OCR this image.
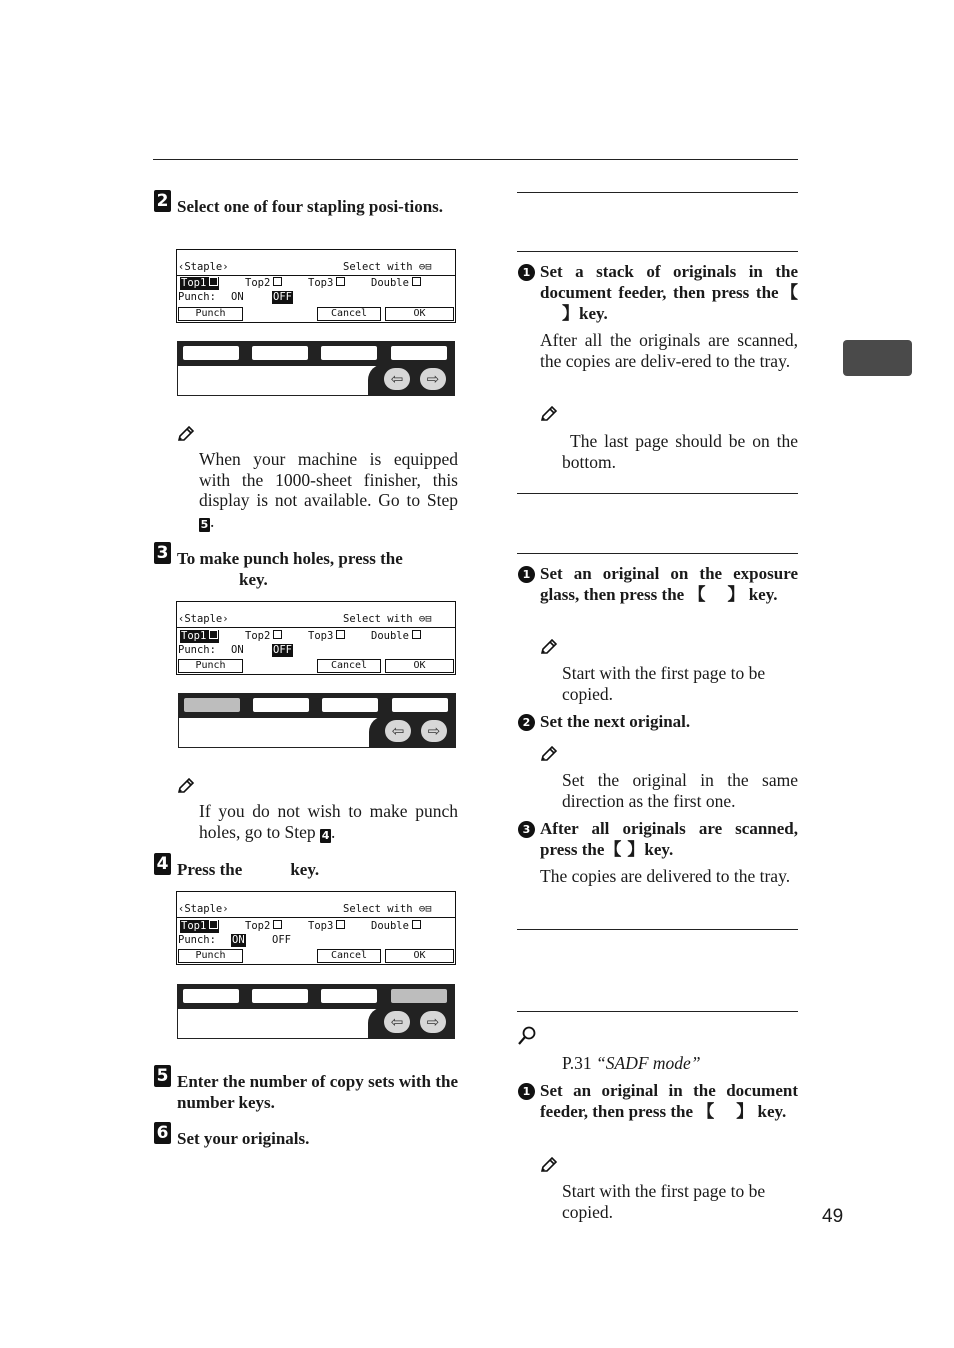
2 Select one of four stapling posi-tions.
‹Staple›	Select with ⊖⊟
Top1	Top2	Top3	Double
Punch: ON	OFF
Punch	Cancel	OK
⇦	⇨
When your machine is equipped with the 1000-sheet finisher, this display is not available. Go to Step 5.
3 To make punch holes, press the
key.
‹Staple›	Select with ⊖⊟
Top1	Top2	Top3	Double
Punch: ON	OFF
Punch	Cancel	OK
⇦	⇨
If you do not wish to make punch holes, go to Step 4.
4 Press the	key.
‹Staple›	Select with ⊖⊟
Top1	Top2	Top3	Double
Punch: ON	OFF
Punch	Cancel	OK
⇦	⇨
5 Enter the number of copy sets with the number keys.
6 Set your originals.
1 Set a stack of originals in the document feeder, then press the【】key.
After all the originals are scanned, the copies are deliv-ered to the tray.
The last page should be on the bottom.
1 Set an original on the exposure glass, then press the 【 】 key.
Start with the first page to be copied.
2 Set the next original.
Set the original in the same direction as the first one.
3 After all originals are scanned, press the【 】key.
The copies are delivered to the tray.
P.31 “SADF mode”
1 Set an original in the document feeder, then press the 【 】 key.
Start with the first page to be copied.	49
